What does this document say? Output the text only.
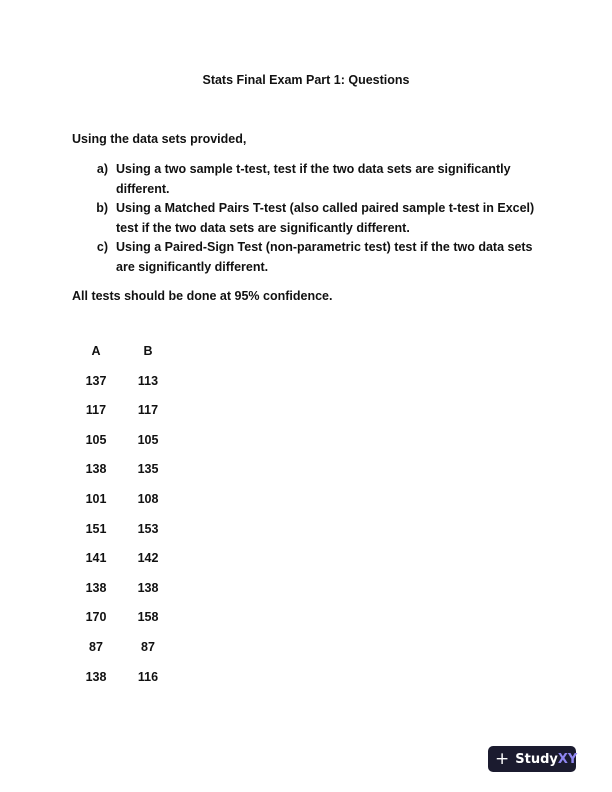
Stats Final Exam Part 1: Questions
Using the data sets provided,
a) Using a two sample t-test, test if the two data sets are significantly different.
b) Using a Matched Pairs T-test (also called paired sample t-test in Excel) test if the two data sets are significantly different.
c) Using a Paired-Sign Test (non-parametric test) test if the two data sets are significantly different.
All tests should be done at 95% confidence.
A	B
137	113
117	117
105	105
138	135
101	108
151	153
141	142
138	138
170	158
87	87
138	116
+ Study XY
